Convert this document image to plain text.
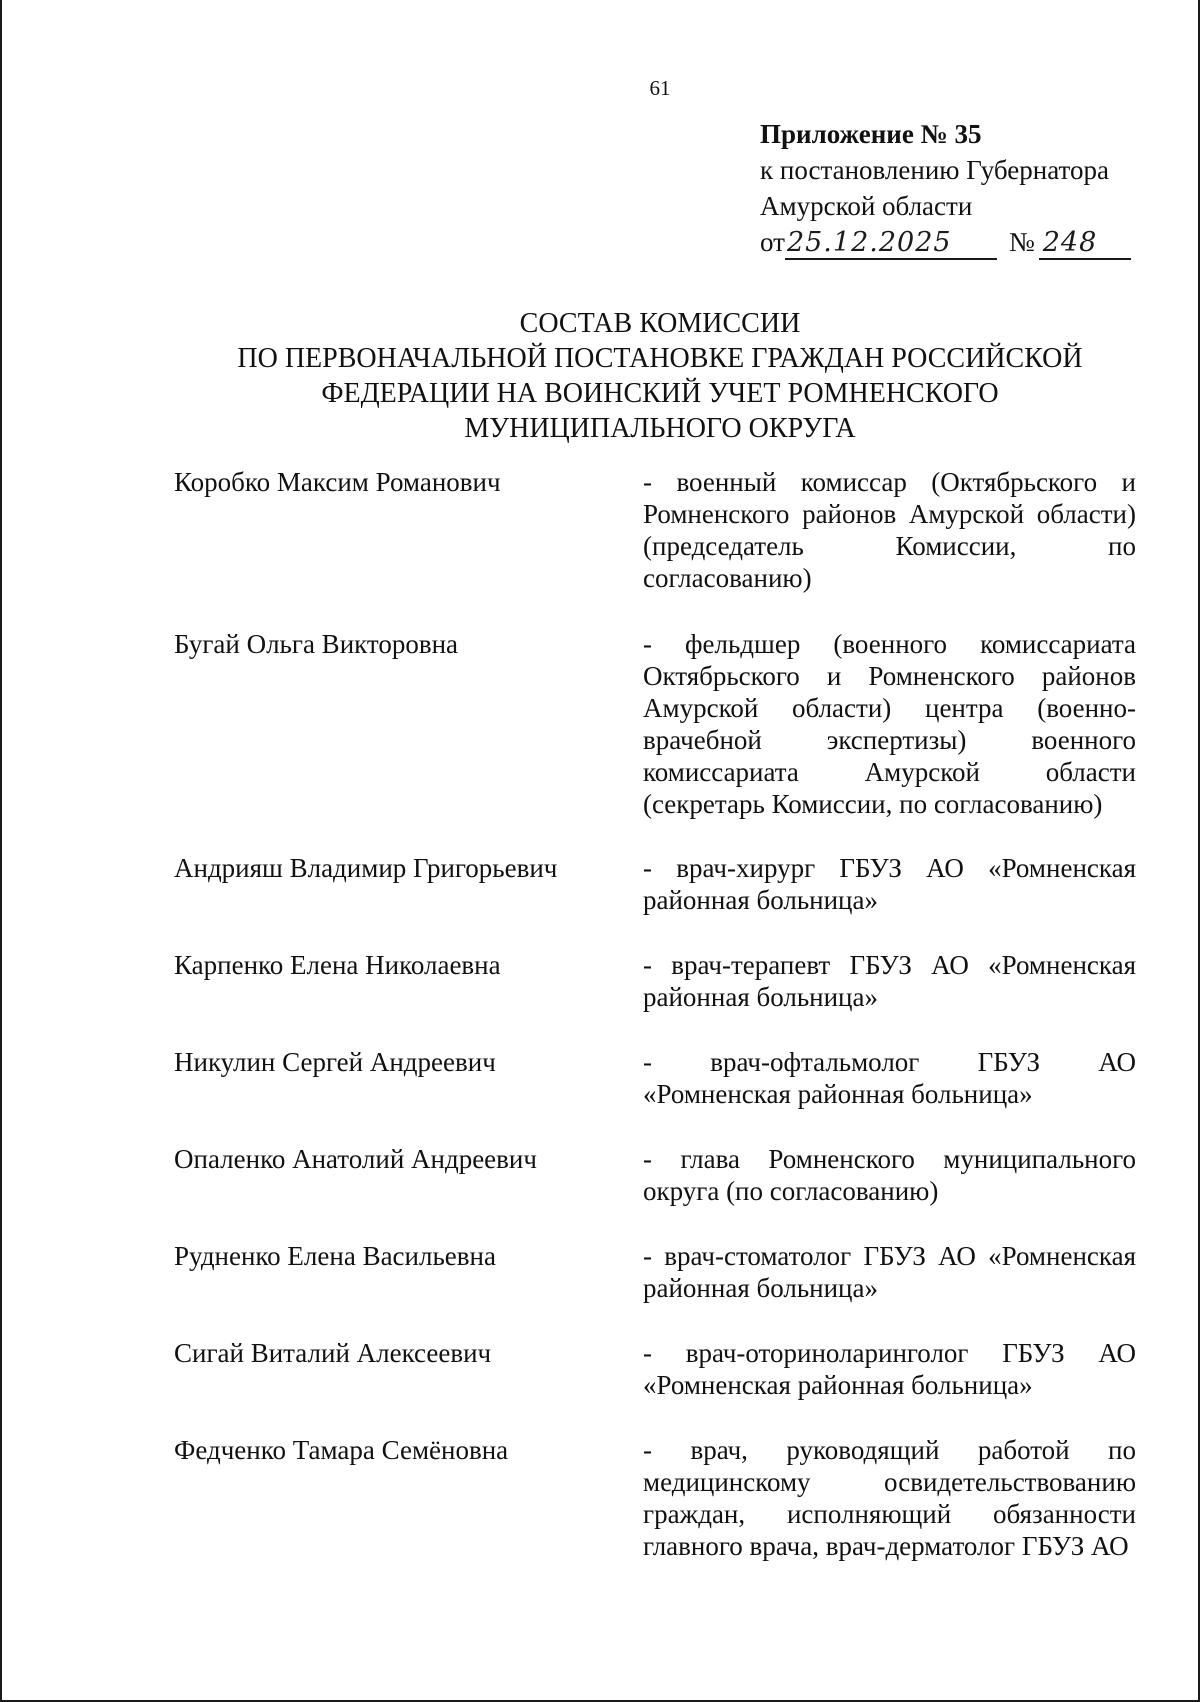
61
Приложение № 35
к постановлению Губернатора
Амурской области
от 25.12.2025	№ 248
СОСТАВ КОМИССИИ
ПО ПЕРВОНАЧАЛЬНОЙ ПОСТАНОВКЕ ГРАЖДАН РОССИЙСКОЙ
ФЕДЕРАЦИИ НА ВОИНСКИЙ УЧЕТ РОМНЕНСКОГО
МУНИЦИПАЛЬНОГО ОКРУГА
Коробко Максим Романович	- военный комиссар (Октябрьского и Ромненского районов Амурской области) (председатель Комиссии, по согласованию)
Бугай Ольга Викторовна	- фельдшер (военного комиссариата Октябрьского и Ромненского районов Амурской области) центра (военно-врачебной экспертизы) военного комиссариата Амурской области (секретарь Комиссии, по согласованию)
Андрияш Владимир Григорьевич	- врач-хирург ГБУЗ АО «Ромненская районная больница»
Карпенко Елена Николаевна	- врач-терапевт ГБУЗ АО «Ромненская районная больница»
Никулин Сергей Андреевич	- врач-офтальмолог ГБУЗ АО «Ромненская районная больница»
Опаленко Анатолий Андреевич	- глава Ромненского муниципального округа (по согласованию)
Рудненко Елена Васильевна	- врач-стоматолог ГБУЗ АО «Ромненская районная больница»
Сигай Виталий Алексеевич	- врач-оториноларинголог ГБУЗ АО «Ромненская районная больница»
Федченко Тамара Семёновна	- врач, руководящий работой по медицинскому освидетельствованию граждан, исполняющий обязанности главного врача, врач-дерматолог ГБУЗ АО
